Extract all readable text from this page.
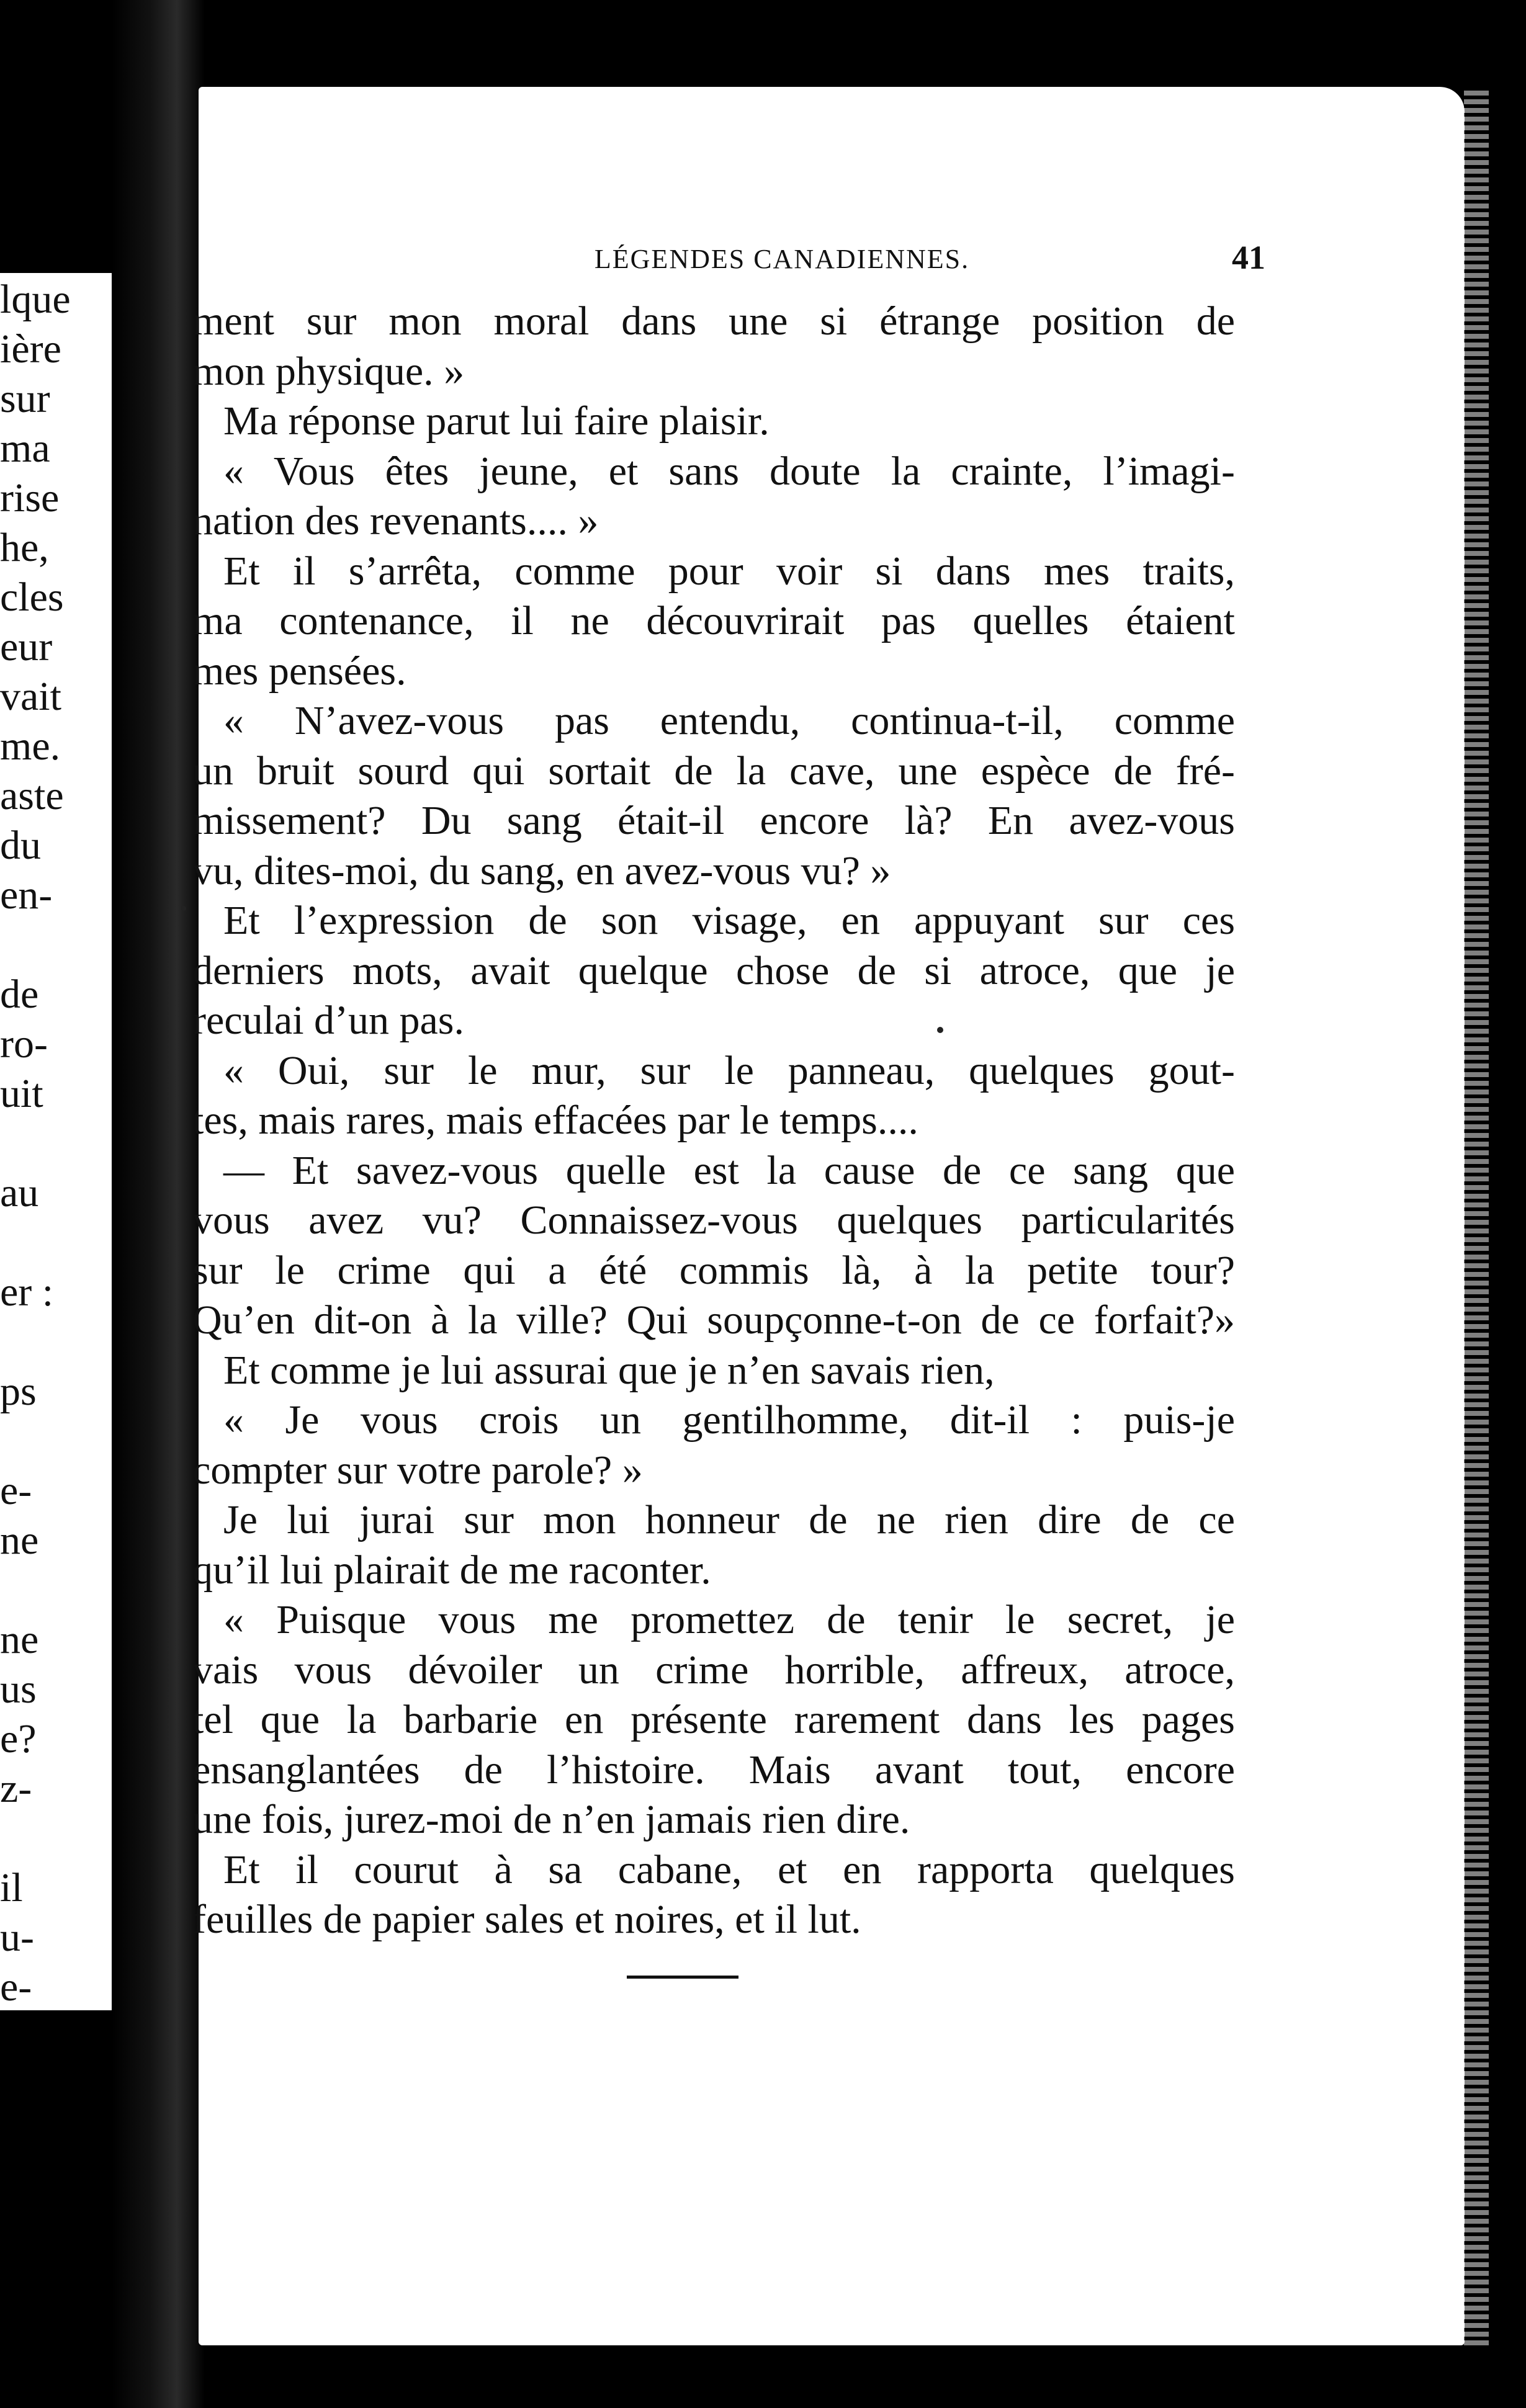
lque
ière
sur
ma
rise
he,
cles
eur
vait
me.
aste
du
en-
de
ro-
uit
au
er :
ps
e-
ne
ne
us
e?
z-
il
u-
e-
LÉGENDES CANADIENNES.	41
ment sur mon moral dans une si étrange position de
mon physique. »
Ma réponse parut lui faire plaisir.
« Vous êtes jeune, et sans doute la crainte, l’imagi-
nation des revenants.... »
Et il s’arrêta, comme pour voir si dans mes traits,
ma contenance, il ne découvrirait pas quelles étaient
mes pensées.
« N’avez-vous pas entendu, continua-t-il, comme
un bruit sourd qui sortait de la cave, une espèce de fré-
missement? Du sang était-il encore là? En avez-vous
vu, dites-moi, du sang, en avez-vous vu? »
Et l’expression de son visage, en appuyant sur ces
derniers mots, avait quelque chose de si atroce, que je
reculai d’un pas.
« Oui, sur le mur, sur le panneau, quelques gout-
tes, mais rares, mais effacées par le temps....
— Et savez-vous quelle est la cause de ce sang que
vous avez vu? Connaissez-vous quelques particularités
sur le crime qui a été commis là, à la petite tour?
Qu’en dit-on à la ville? Qui soupçonne-t-on de ce forfait?»
Et comme je lui assurai que je n’en savais rien,
« Je vous crois un gentilhomme, dit-il : puis-je
compter sur votre parole? »
Je lui jurai sur mon honneur de ne rien dire de ce
qu’il lui plairait de me raconter.
« Puisque vous me promettez de tenir le secret, je
vais vous dévoiler un crime horrible, affreux, atroce,
tel que la barbarie en présente rarement dans les pages
ensanglantées de l’histoire. Mais avant tout, encore
une fois, jurez-moi de n’en jamais rien dire.
Et il courut à sa cabane, et en rapporta quelques
feuilles de papier sales et noires, et il lut.
